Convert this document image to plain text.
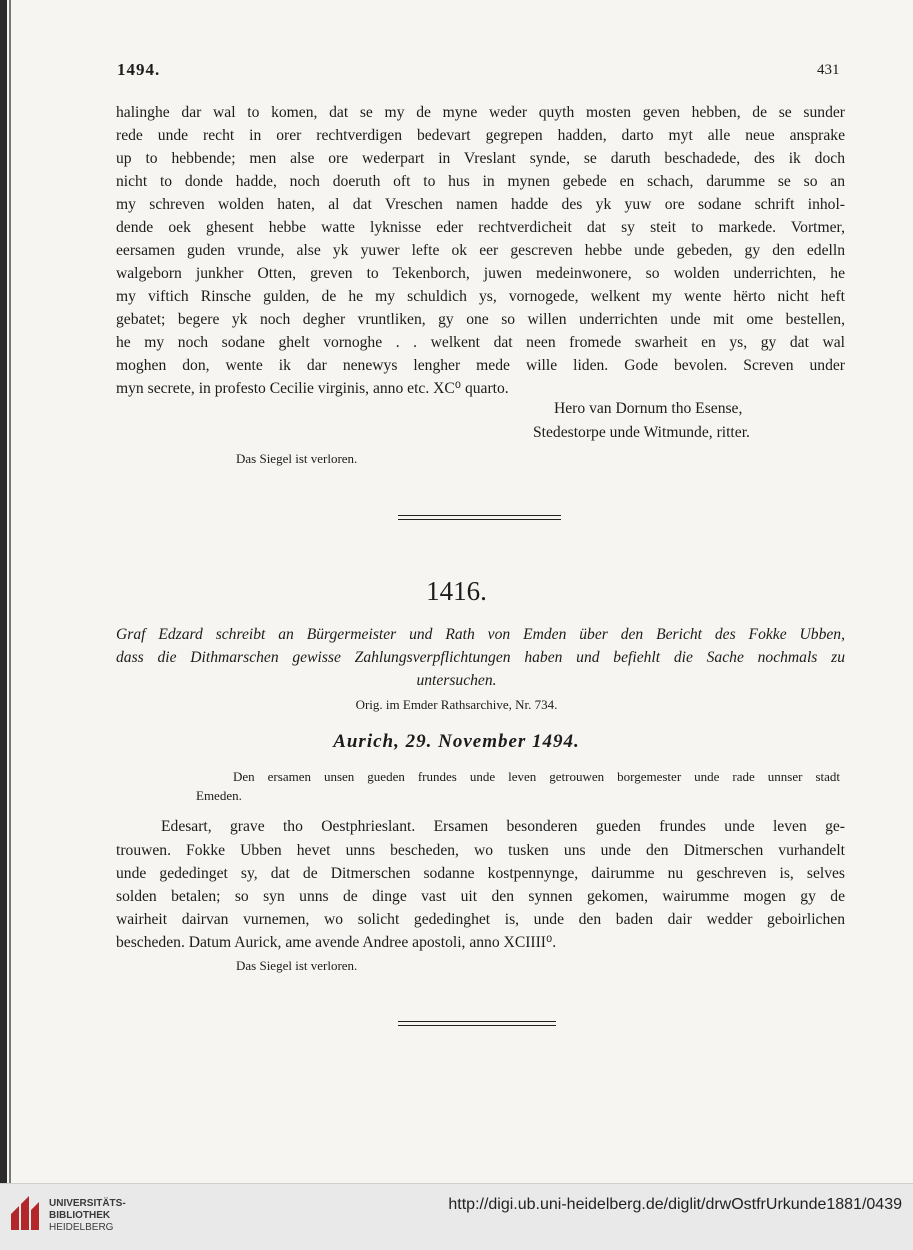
1494.	431
halinghe dar wal to komen, dat se my de myne weder quyth mosten geven hebben, de se sunder
rede unde recht in orer rechtverdigen bedevart gegrepen hadden, darto myt alle neue ansprake
up to hebbende; men alse ore wederpart in Vreslant synde, se daruth beschadede, des ik doch
nicht to donde hadde, noch doeruth oft to hus in mynen gebede en schach, darumme se so an
my schreven wolden haten, al dat Vreschen namen hadde des yk yuw ore sodane schrift inhol-
dende oek ghesent hebbe watte lyknisse eder rechtverdicheit dat sy steit to markede. Vortmer,
eersamen guden vrunde, alse yk yuwer lefte ok eer gescreven hebbe unde gebeden, gy den edelln
walgeborn junkher Otten, greven to Tekenborch, juwen medeinwonere, so wolden underrichten, he
my viftich Rinsche gulden, de he my schuldich ys, vornogede, welkent my wente hërto nicht heft
gebatet; begere yk noch degher vruntliken, gy one so willen underrichten unde mit ome bestellen,
he my noch sodane ghelt vornoghe . . welkent dat neen fromede swarheit en ys, gy dat wal
moghen don, wente ik dar nenewys lengher mede wille liden. Gode bevolen. Screven under
myn secrete, in profesto Cecilie virginis, anno etc. XC⁰ quarto.
Hero van Dornum tho Esense,
Stedestorpe unde Witmunde, ritter.
Das Siegel ist verloren.
1416.
Graf Edzard schreibt an Bürgermeister und Rath von Emden über den Bericht des Fokke Ubben,
dass die Dithmarschen gewisse Zahlungsverpflichtungen haben und befiehlt die Sache nochmals zu
untersuchen.
Orig. im Emder Rathsarchive, Nr. 734.
Aurich, 29. November 1494.
Den ersamen unsen gueden frundes unde leven getrouwen borgemester unde rade unnser stadt
Emeden.
Edesart, grave tho Oestphrieslant. Ersamen besonderen gueden frundes unde leven ge-
trouwen. Fokke Ubben hevet unns bescheden, wo tusken uns unde den Ditmerschen vurhandelt
unde gededinget sy, dat de Ditmerschen sodanne kostpennynge, dairumme nu geschreven is, selves
solden betalen; so syn unns de dinge vast uit den synnen gekomen, wairumme mogen gy de
wairheit dairvan vurnemen, wo solicht gededinghet is, unde den baden dair wedder geboirlichen
bescheden. Datum Aurick, ame avende Andree apostoli, anno XCIIII⁰.
Das Siegel ist verloren.
UNIVERSITÄTS-
BIBLIOTHEK
HEIDELBERG
http://digi.ub.uni-heidelberg.de/diglit/drwOstfrUrkunde1881/0439
